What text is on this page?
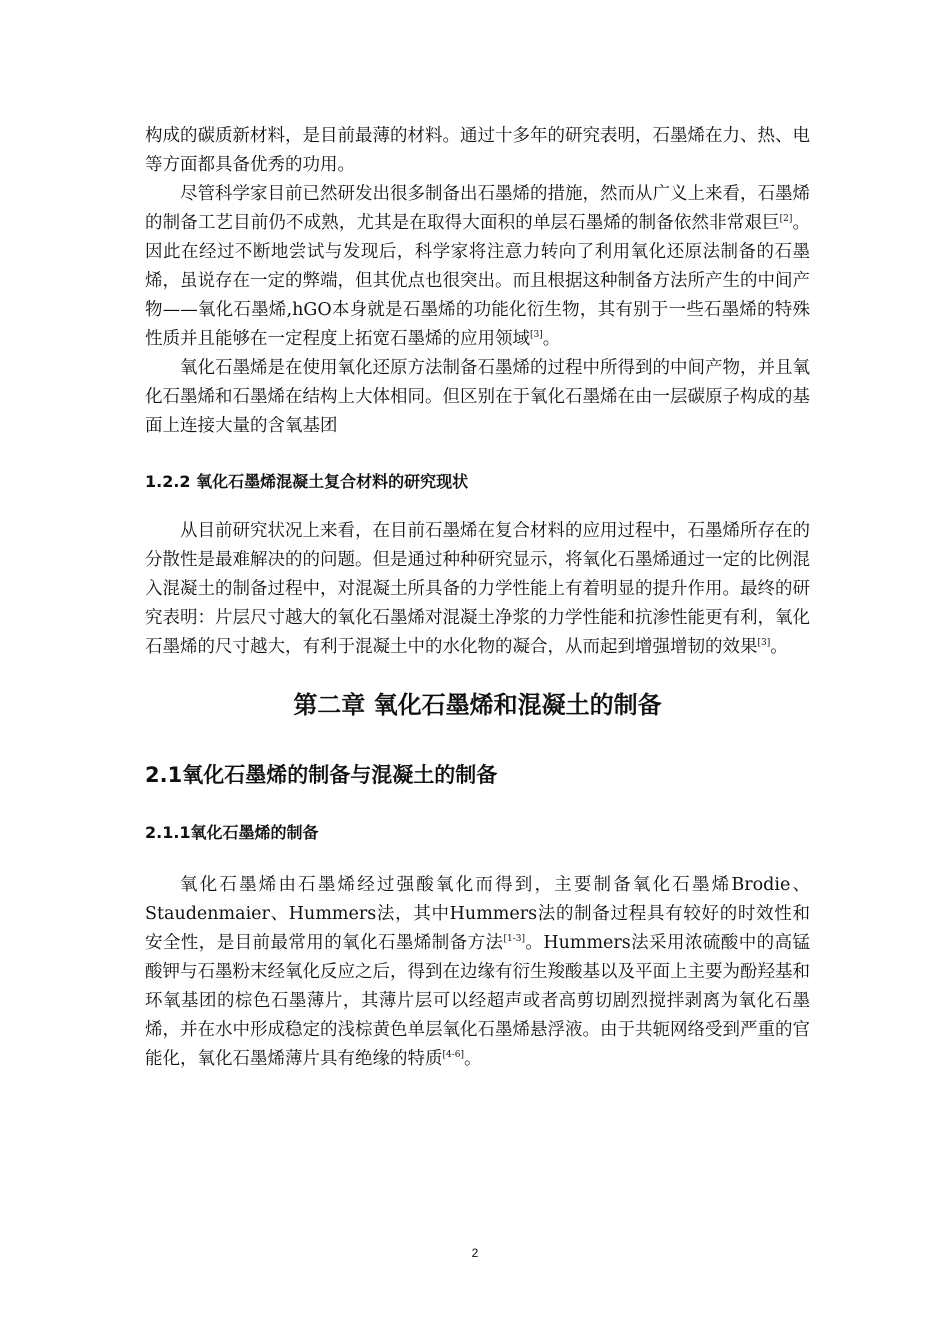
构成的碳质新材料，是目前最薄的材料。通过十多年的研究表明，石墨烯在力、热、电等方面都具备优秀的功用。

尽管科学家目前已然研发出很多制备出石墨烯的措施，然而从广义上来看，石墨烯的制备工艺目前仍不成熟，尤其是在取得大面积的单层石墨烯的制备依然非常艰巨[2]。因此在经过不断地尝试与发现后，科学家将注意力转向了利用氧化还原法制备的石墨烯，虽说存在一定的弊端，但其优点也很突出。而且根据这种制备方法所产生的中间产物——氧化石墨烯,hGO本身就是石墨烯的功能化衍生物，其有别于一些石墨烯的特殊性质并且能够在一定程度上拓宽石墨烯的应用领域[3]。

氧化石墨烯是在使用氧化还原方法制备石墨烯的过程中所得到的中间产物，并且氧化石墨烯和石墨烯在结构上大体相同。但区别在于氧化石墨烯在由一层碳原子构成的基面上连接大量的含氧基团

1.2.2 氧化石墨烯混凝土复合材料的研究现状

从目前研究状况上来看，在目前石墨烯在复合材料的应用过程中，石墨烯所存在的分散性是最难解决的的问题。但是通过种种研究显示，将氧化石墨烯通过一定的比例混入混凝土的制备过程中，对混凝土所具备的力学性能上有着明显的提升作用。最终的研究表明：片层尺寸越大的氧化石墨烯对混凝土净浆的力学性能和抗渗性能更有利，氧化石墨烯的尺寸越大，有利于混凝土中的水化物的凝合，从而起到增强增韧的效果[3]。

第二章 氧化石墨烯和混凝土的制备
2.1氧化石墨烯的制备与混凝土的制备
2.1.1氧化石墨烯的制备

氧化石墨烯由石墨烯经过强酸氧化而得到，主要制备氧化石墨烯Brodie、Staudenmaier、Hummers法，其中Hummers法的制备过程具有较好的时效性和安全性，是目前最常用的氧化石墨烯制备方法[1-3]。Hummers法采用浓硫酸中的高锰酸钾与石墨粉末经氧化反应之后，得到在边缘有衍生羧酸基以及平面上主要为酚羟基和环氧基团的棕色石墨薄片，其薄片层可以经超声或者高剪切剧烈搅拌剥离为氧化石墨烯，并在水中形成稳定的浅棕黄色单层氧化石墨烯悬浮液。由于共轭网络受到严重的官能化，氧化石墨烯薄片具有绝缘的特质[4-6]。

2
